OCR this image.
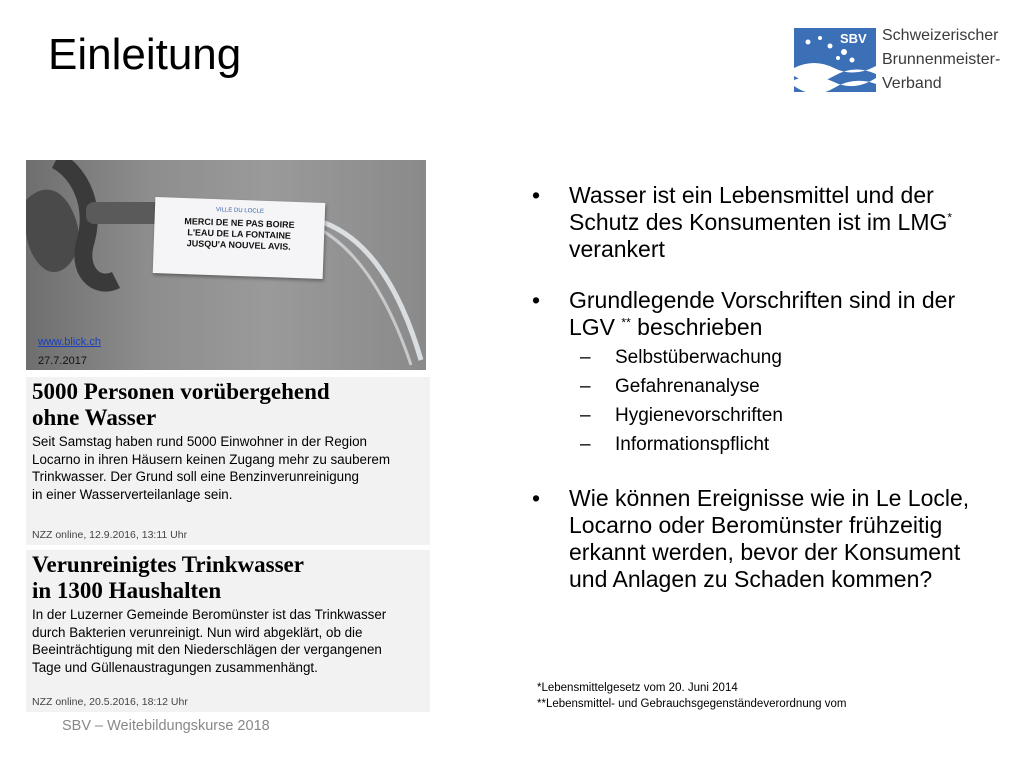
Einleitung	SBV Schweizerischer
Brunnenmeister-
Verband
VILLE DU LOCLE
MERCI DE NE PAS BOIRE
L'EAU DE LA FONTAINE
JUSQU'A NOUVEL AVIS.
www.blick.ch
27.7.2017
5000 Personen vorübergehend
ohne Wasser

Seit Samstag haben rund 5000 Einwohner in der Region
Locarno in ihren Häusern keinen Zugang mehr zu sauberem
Trinkwasser. Der Grund soll eine Benzinverunreinigung
in einer Wasserverteilanlage sein.

NZZ online, 12.9.2016, 13:11 Uhr
Verunreinigtes Trinkwasser
in 1300 Haushalten

In der Luzerner Gemeinde Beromünster ist das Trinkwasser
durch Bakterien verunreinigt. Nun wird abgeklärt, ob die
Beeinträchtigung mit den Niederschlägen der vergangenen
Tage und Güllenaustragungen zusammenhängt.

NZZ online, 20.5.2016, 18:12 Uhr
• Wasser ist ein Lebensmittel und der Schutz des Konsumenten ist im LMG* verankert
• Grundlegende Vorschriften sind in der LGV ** beschrieben
– Selbstüberwachung
– Gefahrenanalyse
– Hygienevorschriften
– Informationspflicht
• Wie können Ereignisse wie in Le Locle, Locarno oder Beromünster frühzeitig erkannt werden, bevor der Konsument und Anlagen zu Schaden kommen?
*Lebensmittelgesetz vom 20. Juni 2014
**Lebensmittel- und Gebrauchsgegenständeverordnung vom
SBV – Weitebildungskurse 2018
